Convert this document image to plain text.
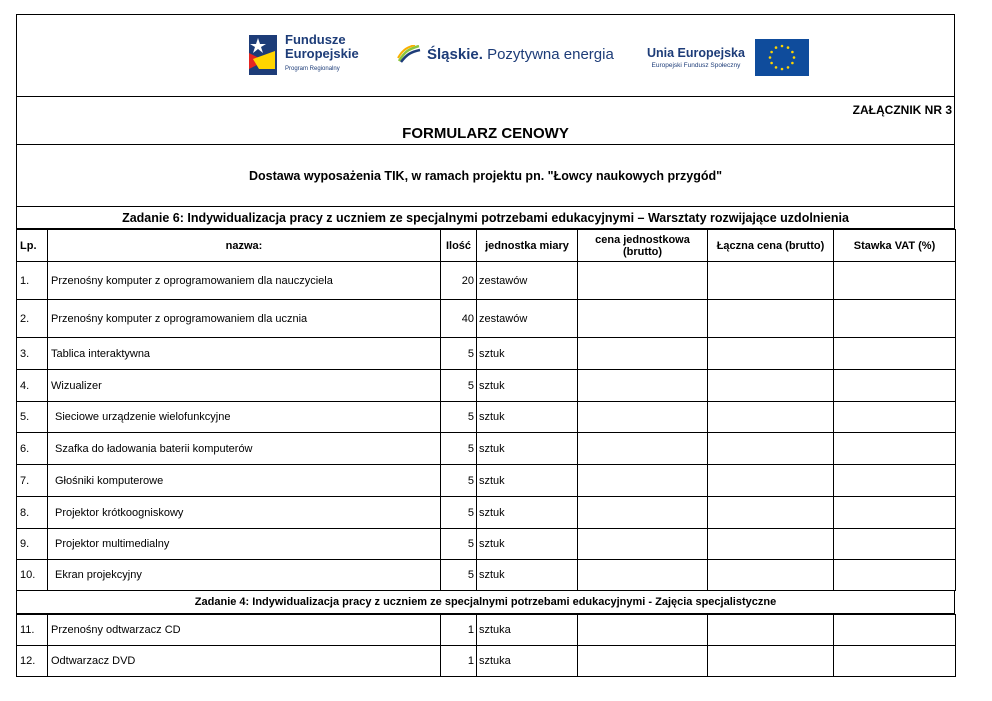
Fundusze
Europejskie
Program Regionalny
Śląskie. Pozytywna energia	Unia Europejska
Europejski Fundusz Społeczny
ZAŁĄCZNIK NR 3
FORMULARZ CENOWY
Dostawa wyposażenia TIK, w ramach projektu pn. "Łowcy naukowych przygód"
Zadanie 6: Indywidualizacja pracy z uczniem ze specjalnymi potrzebami edukacyjnymi – Warsztaty rozwijające uzdolnienia
Lp.	nazwa:	Ilość	jednostka miary	cena jednostkowa (brutto)	Łączna cena (brutto)	Stawka VAT (%)
1.	Przenośny komputer z oprogramowaniem dla nauczyciela	20	zestawów			
2.	Przenośny komputer z oprogramowaniem dla ucznia	40	zestawów			
3.	Tablica interaktywna	5	sztuk			
4.	Wizualizer	5	sztuk			
5.	Sieciowe urządzenie wielofunkcyjne	5	sztuk			
6.	Szafka do ładowania baterii komputerów	5	sztuk			
7.	Głośniki komputerowe	5	sztuk			
8.	Projektor krótkoogniskowy	5	sztuk			
9.	Projektor multimedialny	5	sztuk			
10.	Ekran projekcyjny	5	sztuk			
Zadanie 4: Indywidualizacja pracy z uczniem ze specjalnymi potrzebami edukacyjnymi - Zajęcia specjalistyczne
11.	Przenośny odtwarzacz CD	1	sztuka			
12.	Odtwarzacz DVD	1	sztuka			
